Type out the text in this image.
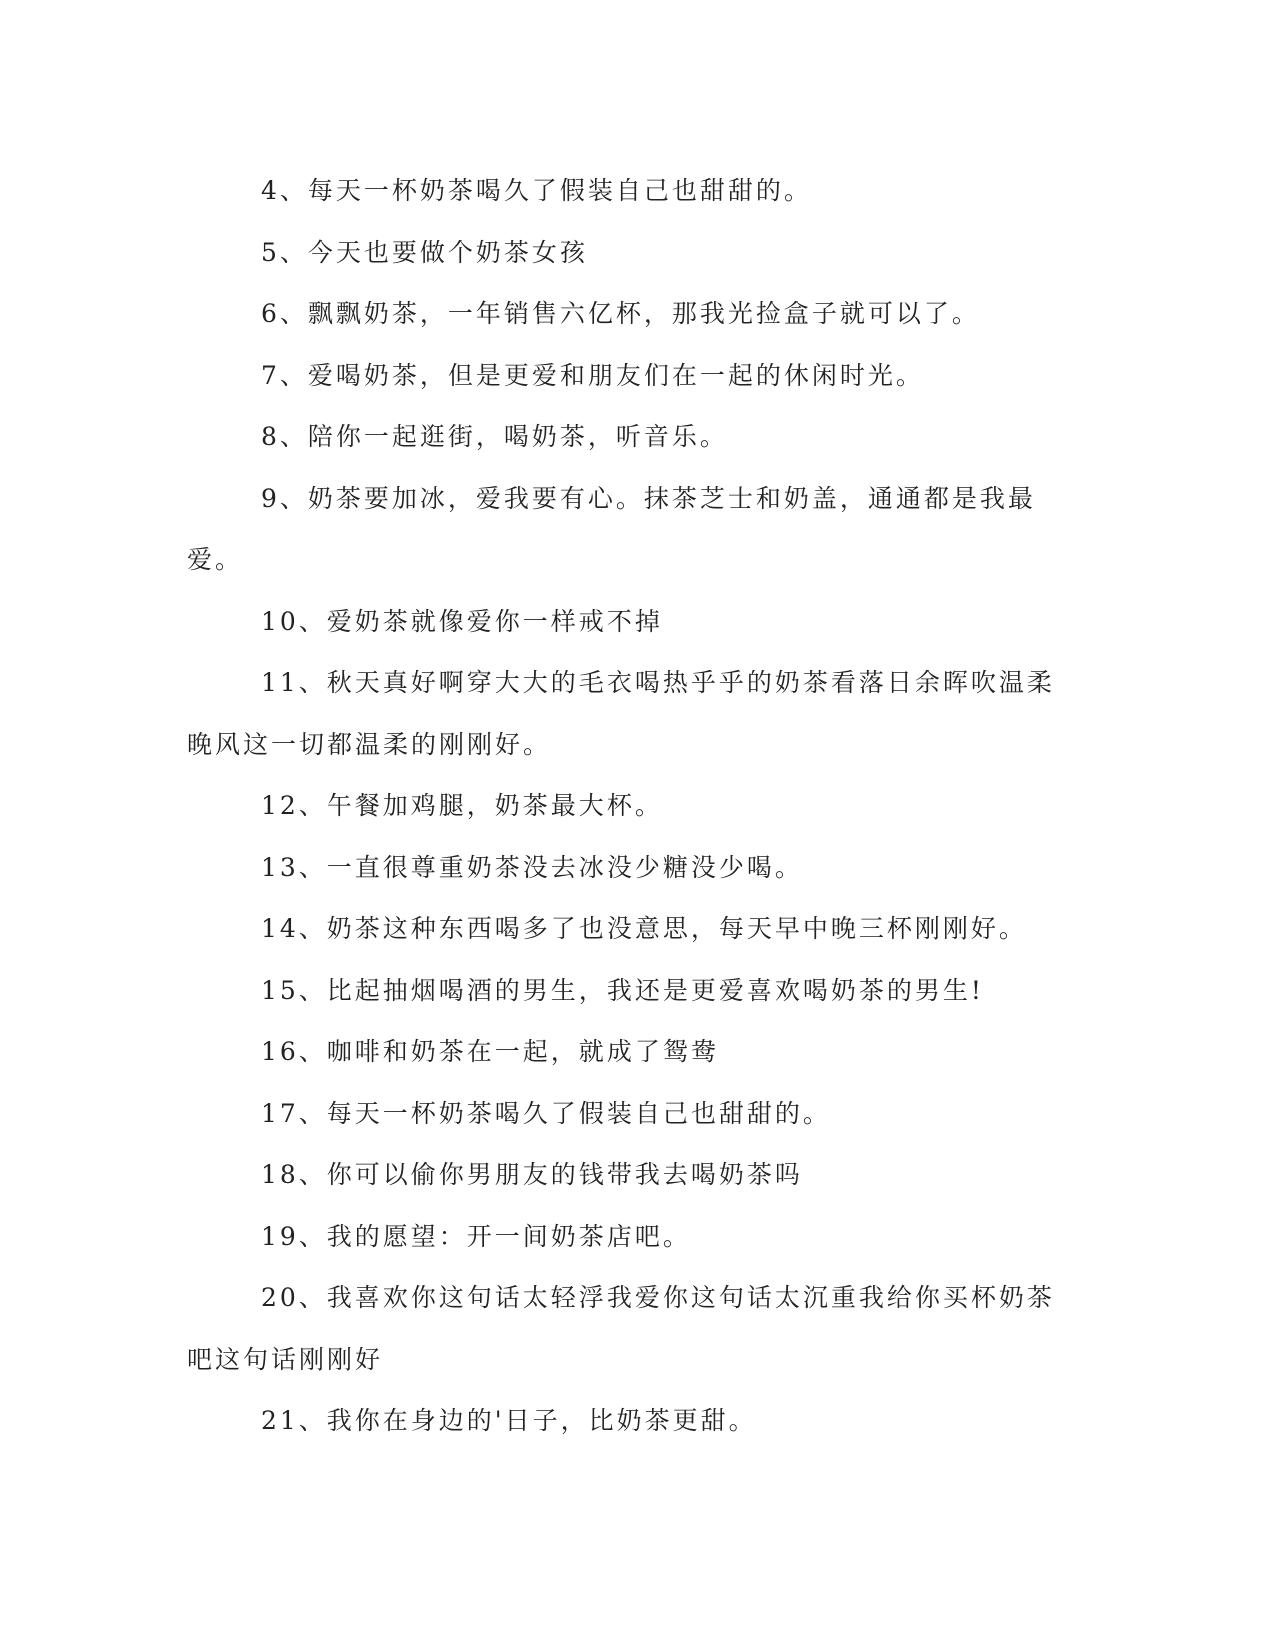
4、每天一杯奶茶喝久了假装自己也甜甜的。

5、今天也要做个奶茶女孩

6、飘飘奶茶，一年销售六亿杯，那我光捡盒子就可以了。

7、爱喝奶茶，但是更爱和朋友们在一起的休闲时光。

8、陪你一起逛街，喝奶茶，听音乐。

9、奶茶要加冰，爱我要有心。抹茶芝士和奶盖，通通都是我最爱。

10、爱奶茶就像爱你一样戒不掉

11、秋天真好啊穿大大的毛衣喝热乎乎的奶茶看落日余晖吹温柔晚风这一切都温柔的刚刚好。

12、午餐加鸡腿，奶茶最大杯。

13、一直很尊重奶茶没去冰没少糖没少喝。

14、奶茶这种东西喝多了也没意思，每天早中晚三杯刚刚好。

15、比起抽烟喝酒的男生，我还是更爱喜欢喝奶茶的男生!

16、咖啡和奶茶在一起，就成了鸳鸯

17、每天一杯奶茶喝久了假装自己也甜甜的。

18、你可以偷你男朋友的钱带我去喝奶茶吗

19、我的愿望：开一间奶茶店吧。

20、我喜欢你这句话太轻浮我爱你这句话太沉重我给你买杯奶茶吧这句话刚刚好

21、我你在身边的'日子，比奶茶更甜。
